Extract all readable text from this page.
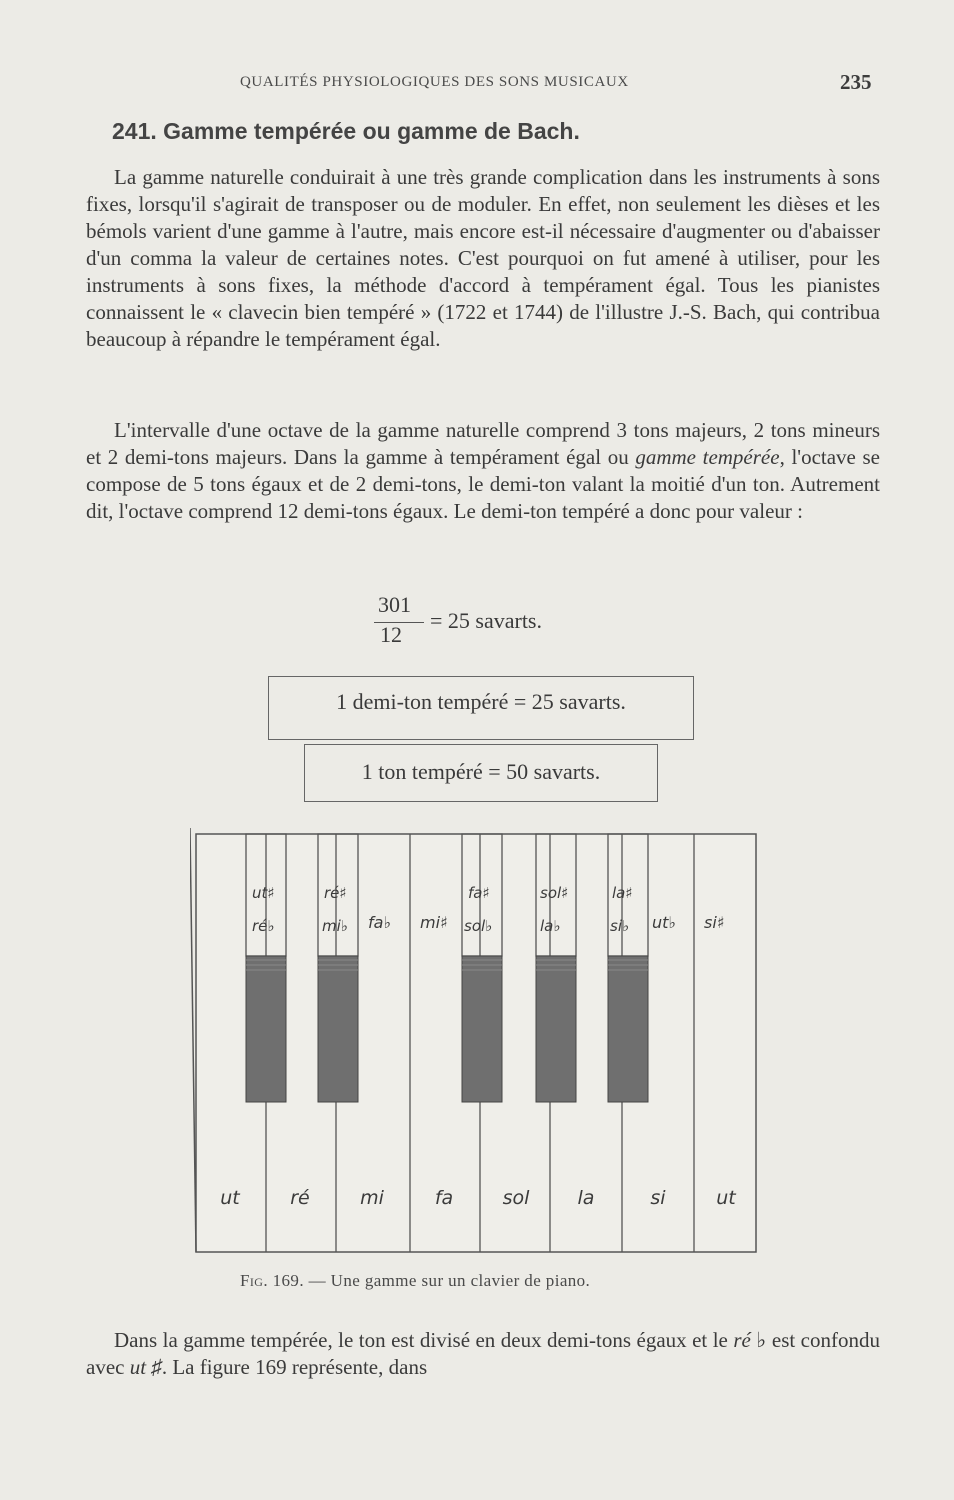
QUALITÉS PHYSIOLOGIQUES DES SONS MUSICAUX	235
241. Gamme tempérée ou gamme de Bach.

La gamme naturelle conduirait à une très grande complication dans les instruments à sons fixes, lorsqu'il s'agirait de transposer ou de moduler. En effet, non seulement les dièses et les bémols varient d'une gamme à l'autre, mais encore est-il nécessaire d'augmenter ou d'abaisser d'un comma la valeur de certaines notes. C'est pourquoi on fut amené à utiliser, pour les instruments à sons fixes, la méthode d'accord à tempérament égal. Tous les pianistes connaissent le « clavecin bien tempéré » (1722 et 1744) de l'illustre J.-S. Bach, qui contribua beaucoup à répandre le tempérament égal.

L'intervalle d'une octave de la gamme naturelle comprend 3 tons majeurs, 2 tons mineurs et 2 demi-tons majeurs. Dans la gamme à tempérament égal ou gamme tempérée, l'octave se compose de 5 tons égaux et de 2 demi-tons, le demi-ton valant la moitié d'un ton. Autrement dit, l'octave comprend 12 demi-tons égaux. Le demi-ton tempéré a donc pour valeur :

301
12
= 25 savarts.
1 demi-ton tempéré = 25 savarts.
1 ton tempéré = 50 savarts.
ut♯	ré♯	fa♯	sol♯	la♯
ré♭	mi♭	sol♭	la♭	si♭
fa♭ mi♯	ut♭ si♯
ut	ré	mi	fa	sol	la	si	ut
Fig. 169. — Une gamme sur un clavier de piano.

Dans la gamme tempérée, le ton est divisé en deux demi-tons égaux et le ré ♭ est confondu avec ut ♯. La figure 169 représente, dans
